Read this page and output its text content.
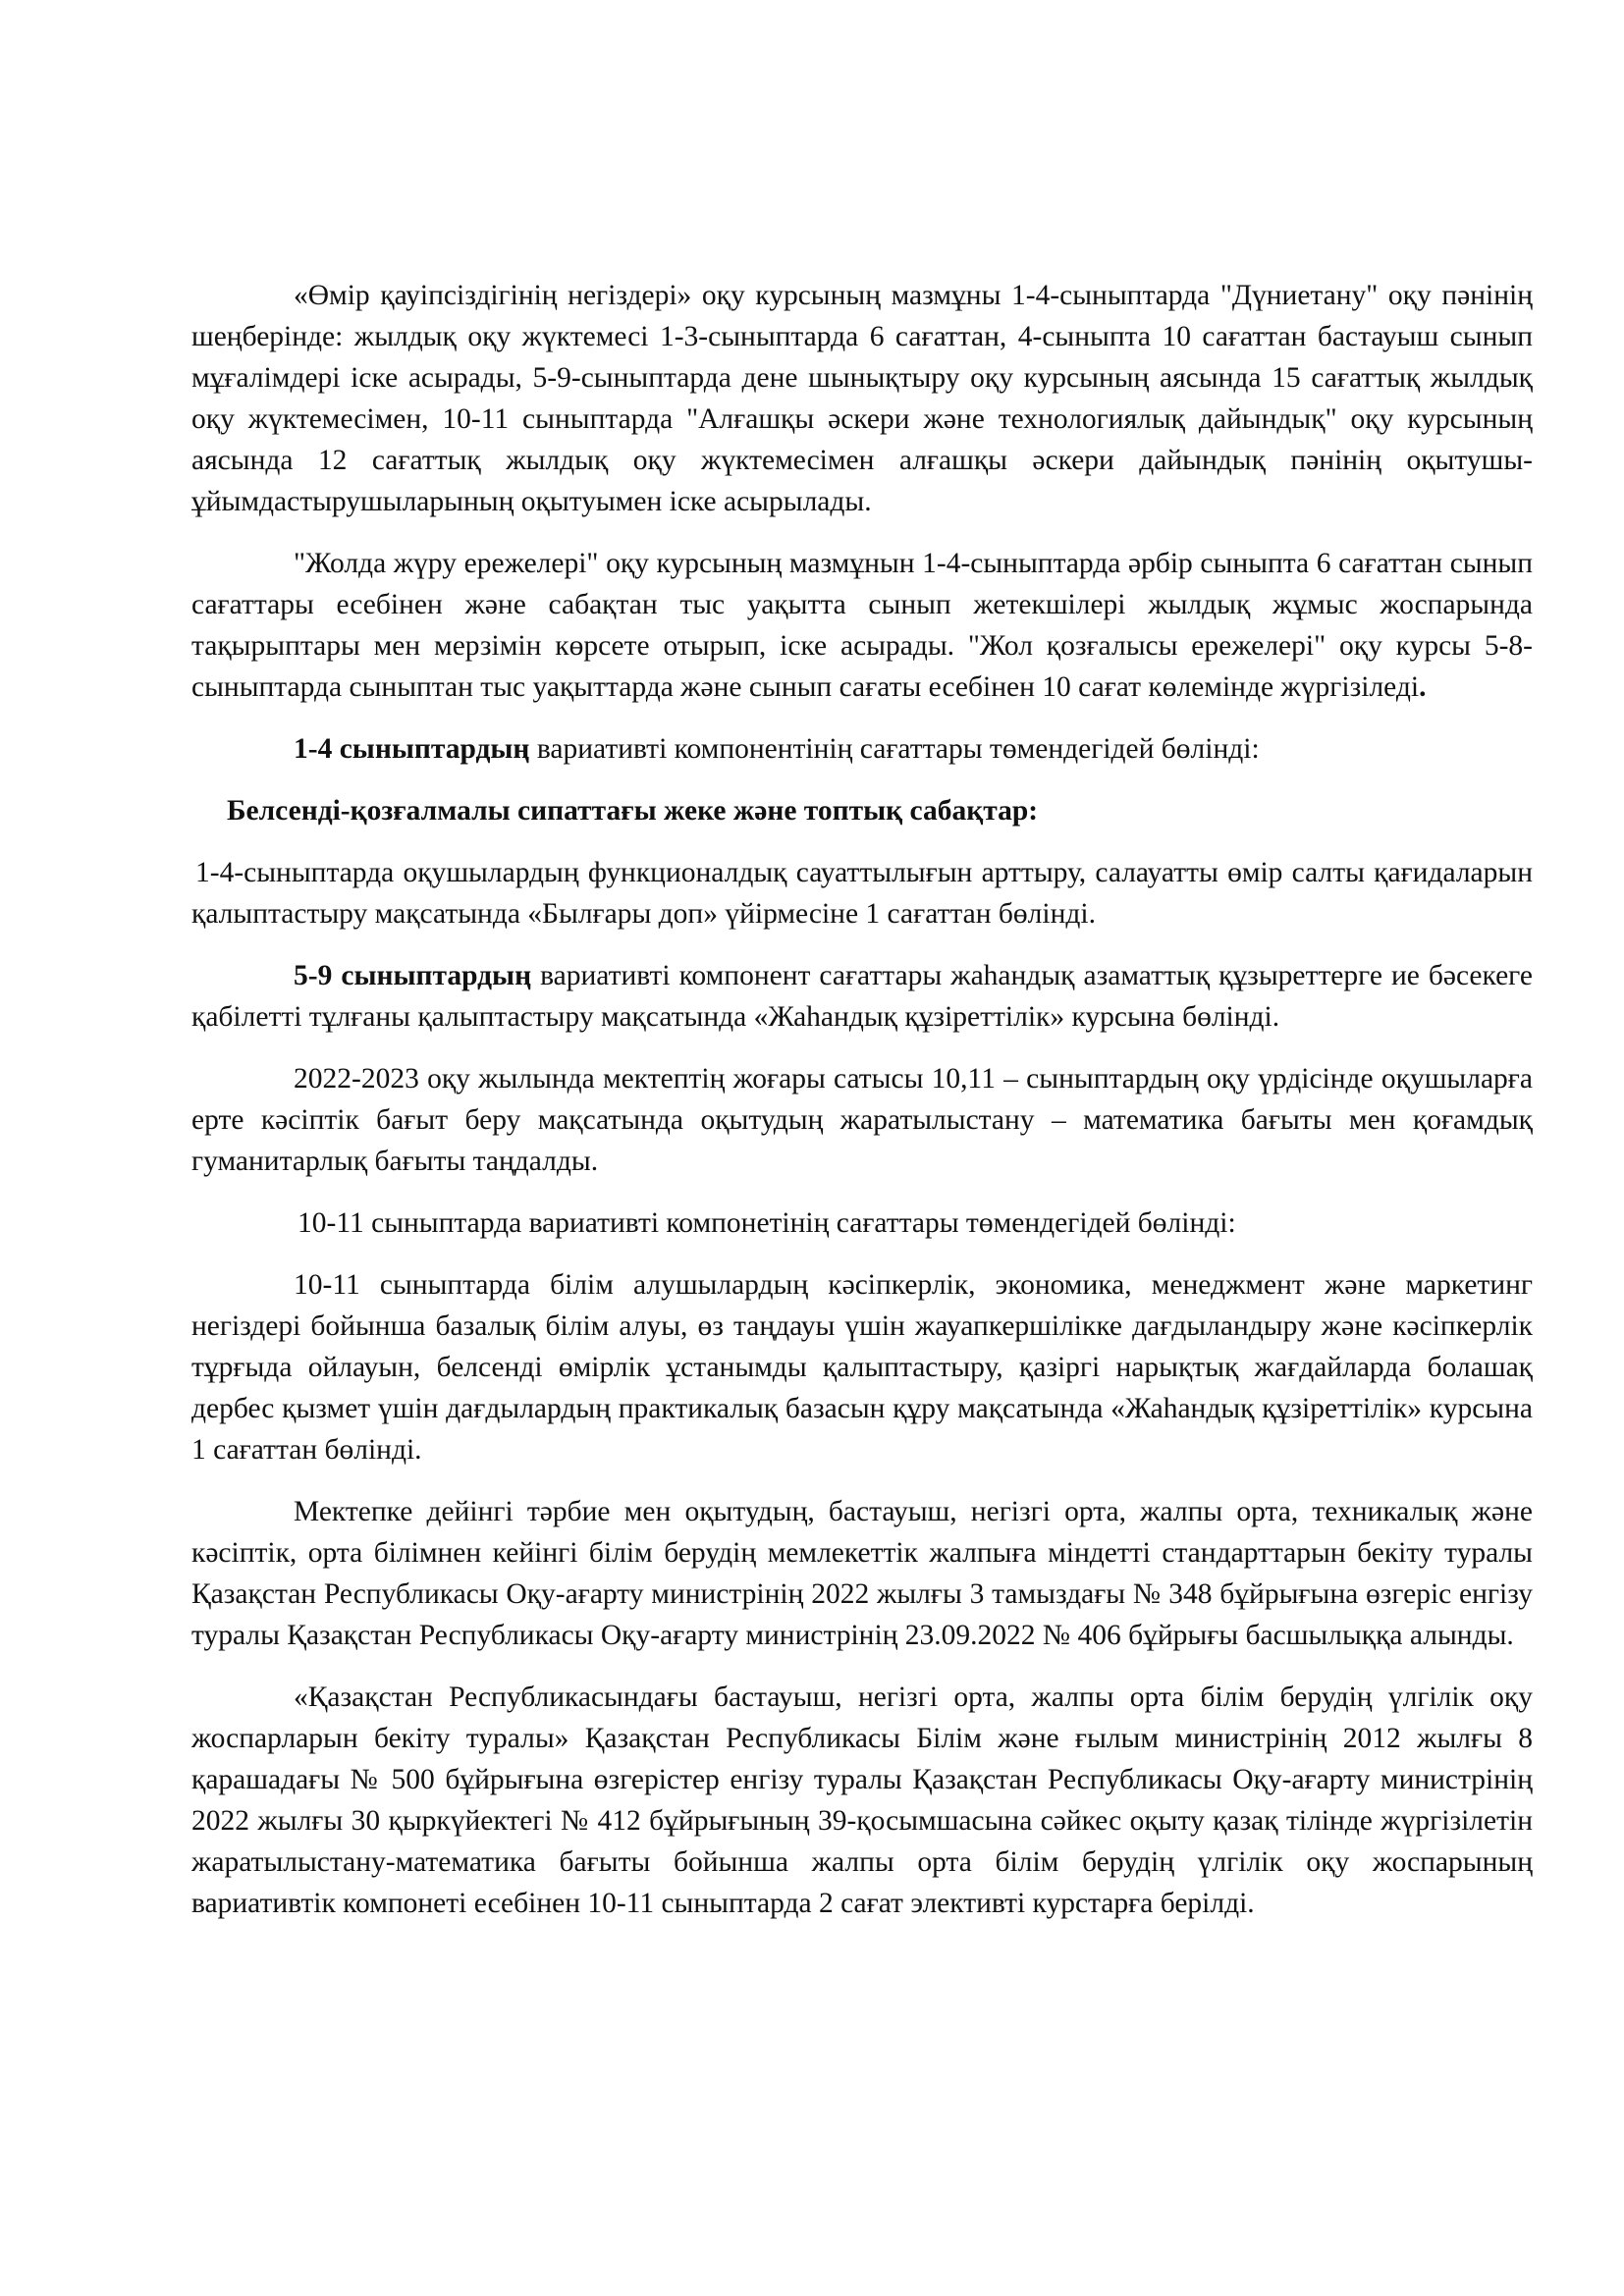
«Өмір қауіпсіздігінің негіздері» оқу курсының мазмұны 1-4-сыныптарда "Дүниетану" оқу пәнінің шеңберінде: жылдық оқу жүктемесі 1-3-сыныптарда 6 сағаттан, 4-сыныпта 10 сағаттан бастауыш сынып мұғалімдері іске асырады, 5-9-сыныптарда дене шынықтыру оқу курсының аясында 15 сағаттық жылдық оқу жүктемесімен, 10-11 сыныптарда "Алғашқы әскери және технологиялық дайындық" оқу курсының аясында 12 сағаттық жылдық оқу жүктемесімен алғашқы әскери дайындық пәнінің оқытушы-ұйымдастырушыларының оқытуымен іске асырылады.

"Жолда жүру ережелері" оқу курсының мазмұнын 1-4-сыныптарда әрбір сыныпта 6 сағаттан сынып сағаттары есебінен және сабақтан тыс уақытта сынып жетекшілері жылдық жұмыс жоспарында тақырыптары мен мерзімін көрсете отырып, іске асырады. "Жол қозғалысы ережелері" оқу курсы 5-8-сыныптарда сыныптан тыс уақыттарда және сынып сағаты есебінен 10 сағат көлемінде жүргізіледі.

1-4 сыныптардың вариативті компонентінің сағаттары төмендегідей бөлінді:

Белсенді-қозғалмалы сипаттағы жеке және топтық сабақтар:

1-4-сыныптарда оқушылардың функционалдық сауаттылығын арттыру, салауатты өмір салты қағидаларын қалыптастыру мақсатында «Былғары доп» үйірмесіне 1 сағаттан бөлінді.

5-9 сыныптардың вариативті компонент сағаттары жаһандық азаматтық құзыреттерге ие бәсекеге қабілетті тұлғаны қалыптастыру мақсатында «Жаһандық құзіреттілік» курсына бөлінді.

2022-2023 оқу жылында мектептің жоғары сатысы 10,11 – сыныптардың оқу үрдісінде оқушыларға ерте кәсіптік бағыт беру мақсатында оқытудың жаратылыстану – математика бағыты мен қоғамдық гуманитарлық бағыты таңдалды.

10-11 сыныптарда вариативті компонетінің сағаттары төмендегідей бөлінді:

10-11 сыныптарда білім алушылардың кәсіпкерлік, экономика, менеджмент және маркетинг негіздері бойынша базалық білім алуы, өз таңдауы үшін жауапкершілікке дағдыландыру және кәсіпкерлік тұрғыда ойлауын, белсенді өмірлік ұстанымды қалыптастыру, қазіргі нарықтық жағдайларда болашақ дербес қызмет үшін дағдылардың практикалық базасын құру мақсатында «Жаһандық құзіреттілік» курсына 1 сағаттан бөлінді.

Мектепке дейінгі тәрбие мен оқытудың, бастауыш, негізгі орта, жалпы орта, техникалық және кәсіптік, орта білімнен кейінгі білім берудің мемлекеттік жалпыға міндетті стандарттарын бекіту туралы Қазақстан Республикасы Оқу-ағарту министрінің 2022 жылғы 3 тамыздағы № 348 бұйрығына өзгеріс енгізу туралы Қазақстан Республикасы Оқу-ағарту министрінің 23.09.2022 № 406 бұйрығы басшылыққа алынды.

«Қазақстан Республикасындағы бастауыш, негізгі орта, жалпы орта білім берудің үлгілік оқу жоспарларын бекіту туралы» Қазақстан Республикасы Білім және ғылым министрінің 2012 жылғы 8 қарашадағы № 500 бұйрығына өзгерістер енгізу туралы Қазақстан Республикасы Оқу-ағарту министрінің 2022 жылғы 30 қыркүйектегі № 412 бұйрығының 39-қосымшасына сәйкес оқыту қазақ тілінде жүргізілетін жаратылыстану-математика бағыты бойынша жалпы орта білім берудің үлгілік оқу жоспарының вариативтік компонеті есебінен 10-11 сыныптарда 2 сағат элективті курстарға берілді.
